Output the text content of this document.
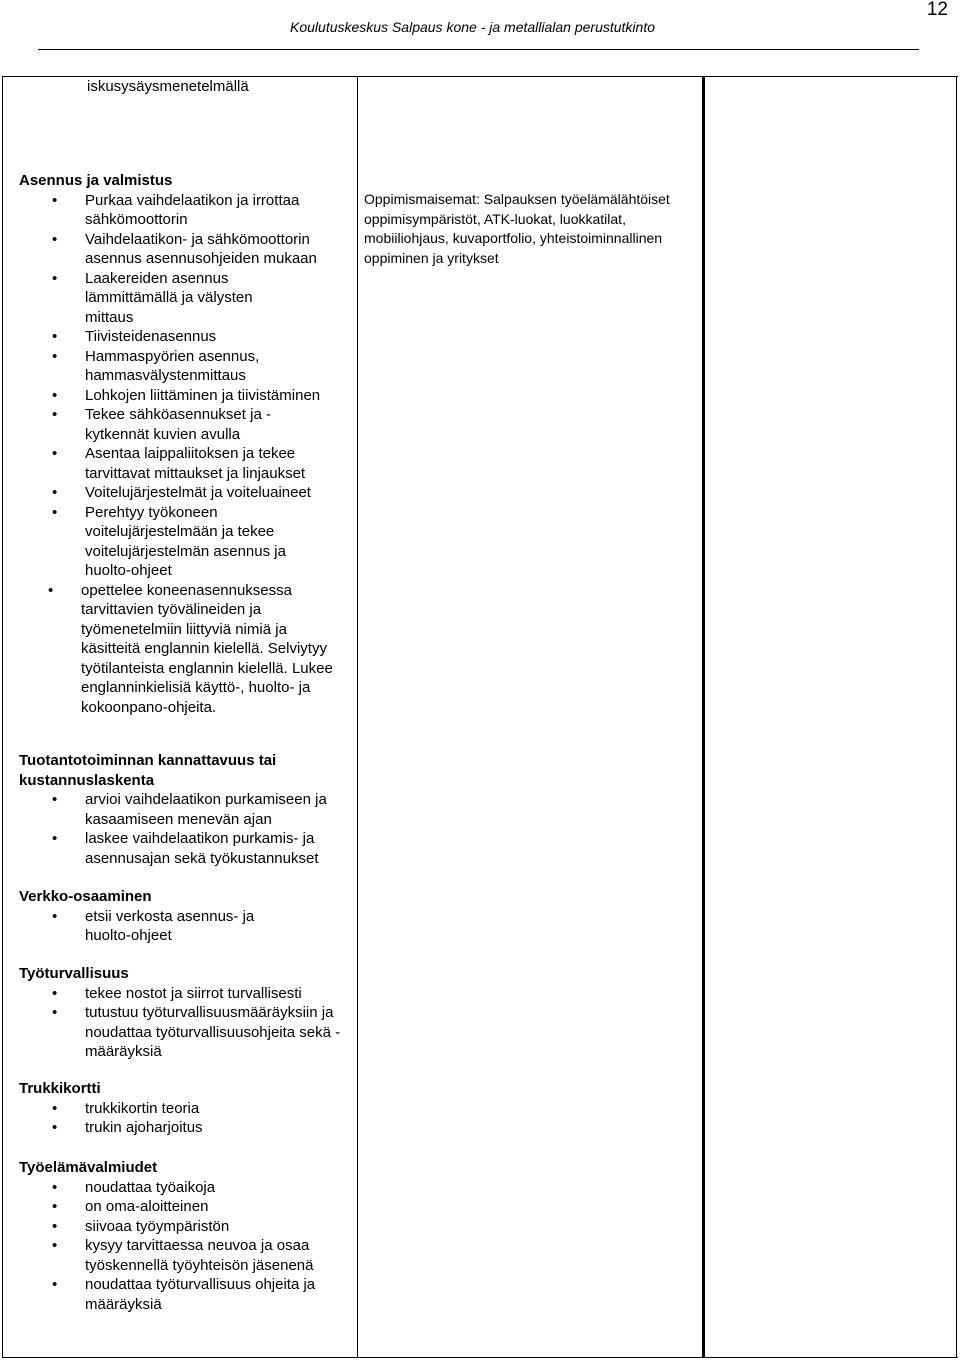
12
Koulutuskeskus Salpaus kone - ja metallialan perustutkinto

iskusysäysmenetelmällä

Asennus ja valmistus
• Purkaa vaihdelaatikon ja irrottaa sähkömoottorin
• Vaihdelaatikon- ja sähkömoottorin asennus asennusohjeiden mukaan
• Laakereiden asennus lämmittämällä ja välysten mittaus
• Tiivisteidenasennus
• Hammaspyörien asennus, hammasvälystenmittaus
• Lohkojen liittäminen ja tiivistäminen
• Tekee sähköasennukset ja -kytkennät kuvien avulla
• Asentaa laippaliitoksen ja tekee tarvittavat mittaukset ja linjaukset
• Voitelujärjestelmät ja voiteluaineet
• Perehtyy työkoneen voitelujärjestelmään ja tekee voitelujärjestelmän asennus ja huolto-ohjeet
• opettelee koneenasennuksessa tarvittavien työvälineiden ja työmenetelmiin liittyviä nimiä ja käsitteitä englannin kielellä. Selviytyy työtilanteista englannin kielellä. Lukee englanninkielisiä käyttö-, huolto- ja kokoonpano-ohjeita.
Tuotantotoiminnan kannattavuus tai kustannuslaskenta
• arvioi vaihdelaatikon purkamiseen ja kasaamiseen menevän ajan
• laskee vaihdelaatikon purkamis- ja asennusajan sekä työkustannukset
Verkko-osaaminen
• etsii verkosta asennus- ja huolto-ohjeet
Työturvallisuus
• tekee nostot ja siirrot turvallisesti
• tutustuu työturvallisuusmääräyksiin ja noudattaa työturvallisuusohjeita sekä - määräyksiä
Trukkikortti
• trukkikortin teoria
• trukin ajoharjoitus
Työelämävalmiudet
• noudattaa työaikoja
• on oma-aloitteinen
• siivoaa työympäristön
• kysyy tarvittaessa neuvoa ja osaa työskennellä työyhteisön jäsenenä
• noudattaa työturvallisuus ohjeita ja määräyksiä
Oppimismaisemat: Salpauksen työelämälähtöiset oppimisympäristöt, ATK-luokat, luokkatilat, mobiiliohjaus, kuvaportfolio, yhteistoiminnallinen oppiminen ja yritykset
